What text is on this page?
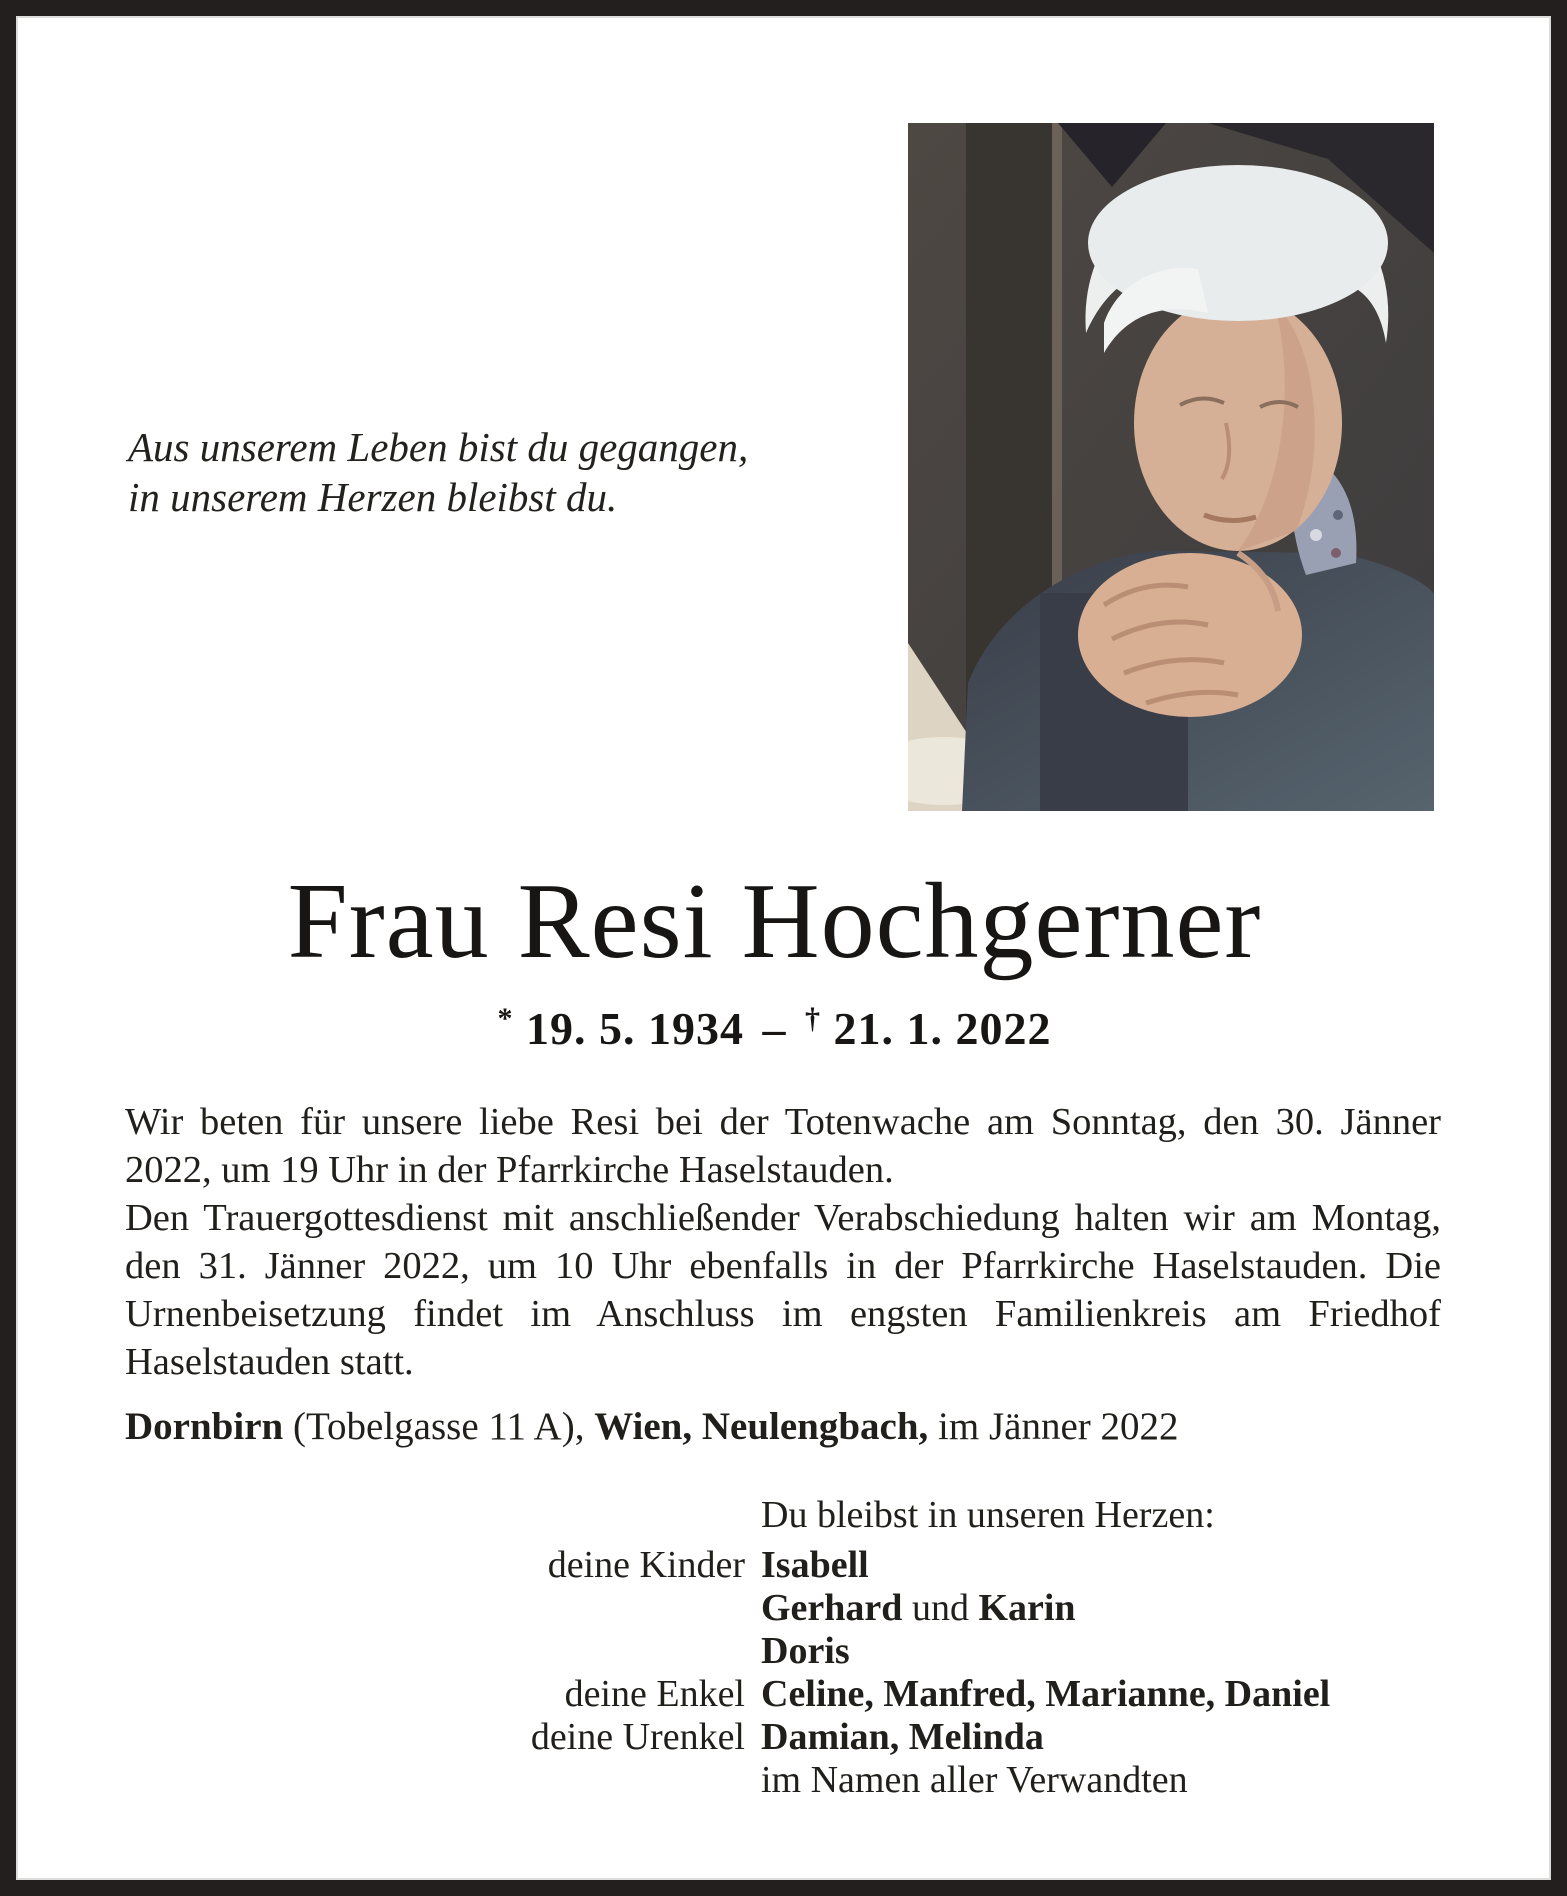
Aus unserem Leben bist du gegangen,
in unserem Herzen bleibst du.
Frau Resi Hochgerner
* 19. 5. 1934 – † 21. 1. 2022
Wir beten für unsere liebe Resi bei der Totenwache am Sonntag, den 30. Jänner 2022, um 19 Uhr in der Pfarrkirche Haselstauden.
Den Trauergottesdienst mit anschließender Verabschiedung halten wir am Montag, den 31. Jänner 2022, um 10 Uhr ebenfalls in der Pfarrkirche Haselstauden. Die Urnenbeisetzung findet im Anschluss im engsten Familienkreis am Friedhof Haselstauden statt.
Dornbirn (Tobelgasse 11 A), Wien, Neulengbach, im Jänner 2022
Du bleibst in unseren Herzen:
deine Kinder Isabell
Gerhard und Karin
Doris
deine Enkel Celine, Manfred, Marianne, Daniel
deine Urenkel Damian, Melinda
im Namen aller Verwandten
